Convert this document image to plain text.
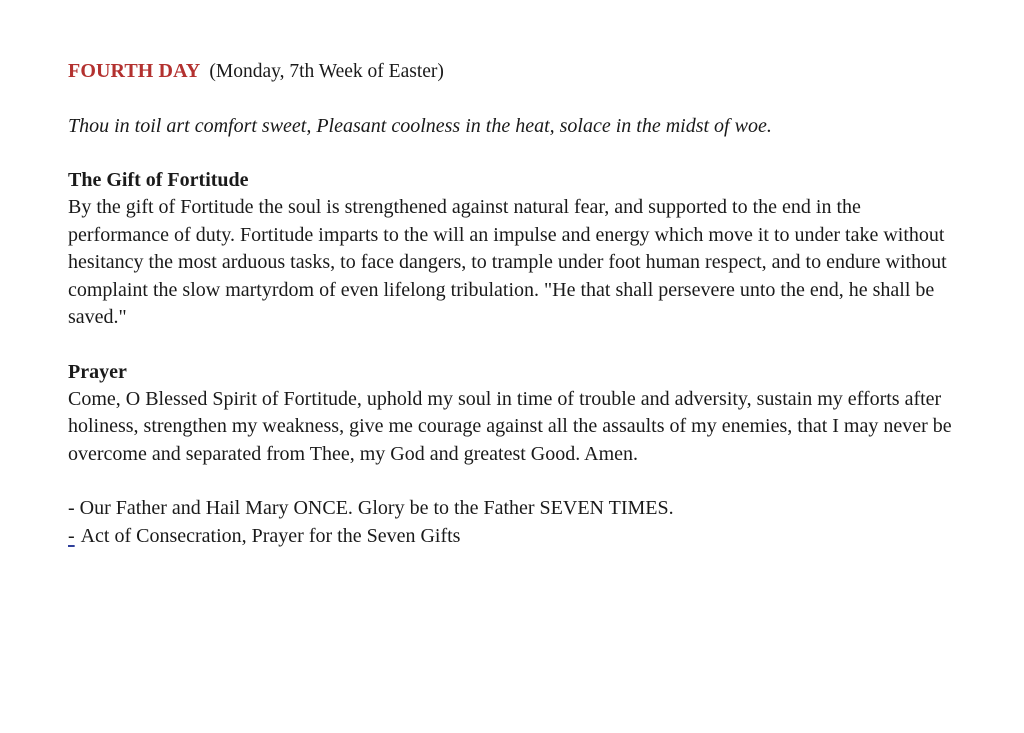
FOURTH DAY (Monday, 7th Week of Easter)

Thou in toil art comfort sweet, Pleasant coolness in the heat, solace in the midst of woe.

The Gift of Fortitude

By the gift of Fortitude the soul is strengthened against natural fear, and supported to the end in the performance of duty. Fortitude imparts to the will an impulse and energy which move it to under take without hesitancy the most arduous tasks, to face dangers, to trample under foot human respect, and to endure without complaint the slow martyrdom of even lifelong tribulation. "He that shall persevere unto the end, he shall be saved."

Prayer

Come, O Blessed Spirit of Fortitude, uphold my soul in time of trouble and adversity, sustain my efforts after holiness, strengthen my weakness, give me courage against all the assaults of my enemies, that I may never be overcome and separated from Thee, my God and greatest Good. Amen.

- Our Father and Hail Mary ONCE. Glory be to the Father SEVEN TIMES.

- Act of Consecration, Prayer for the Seven Gifts
